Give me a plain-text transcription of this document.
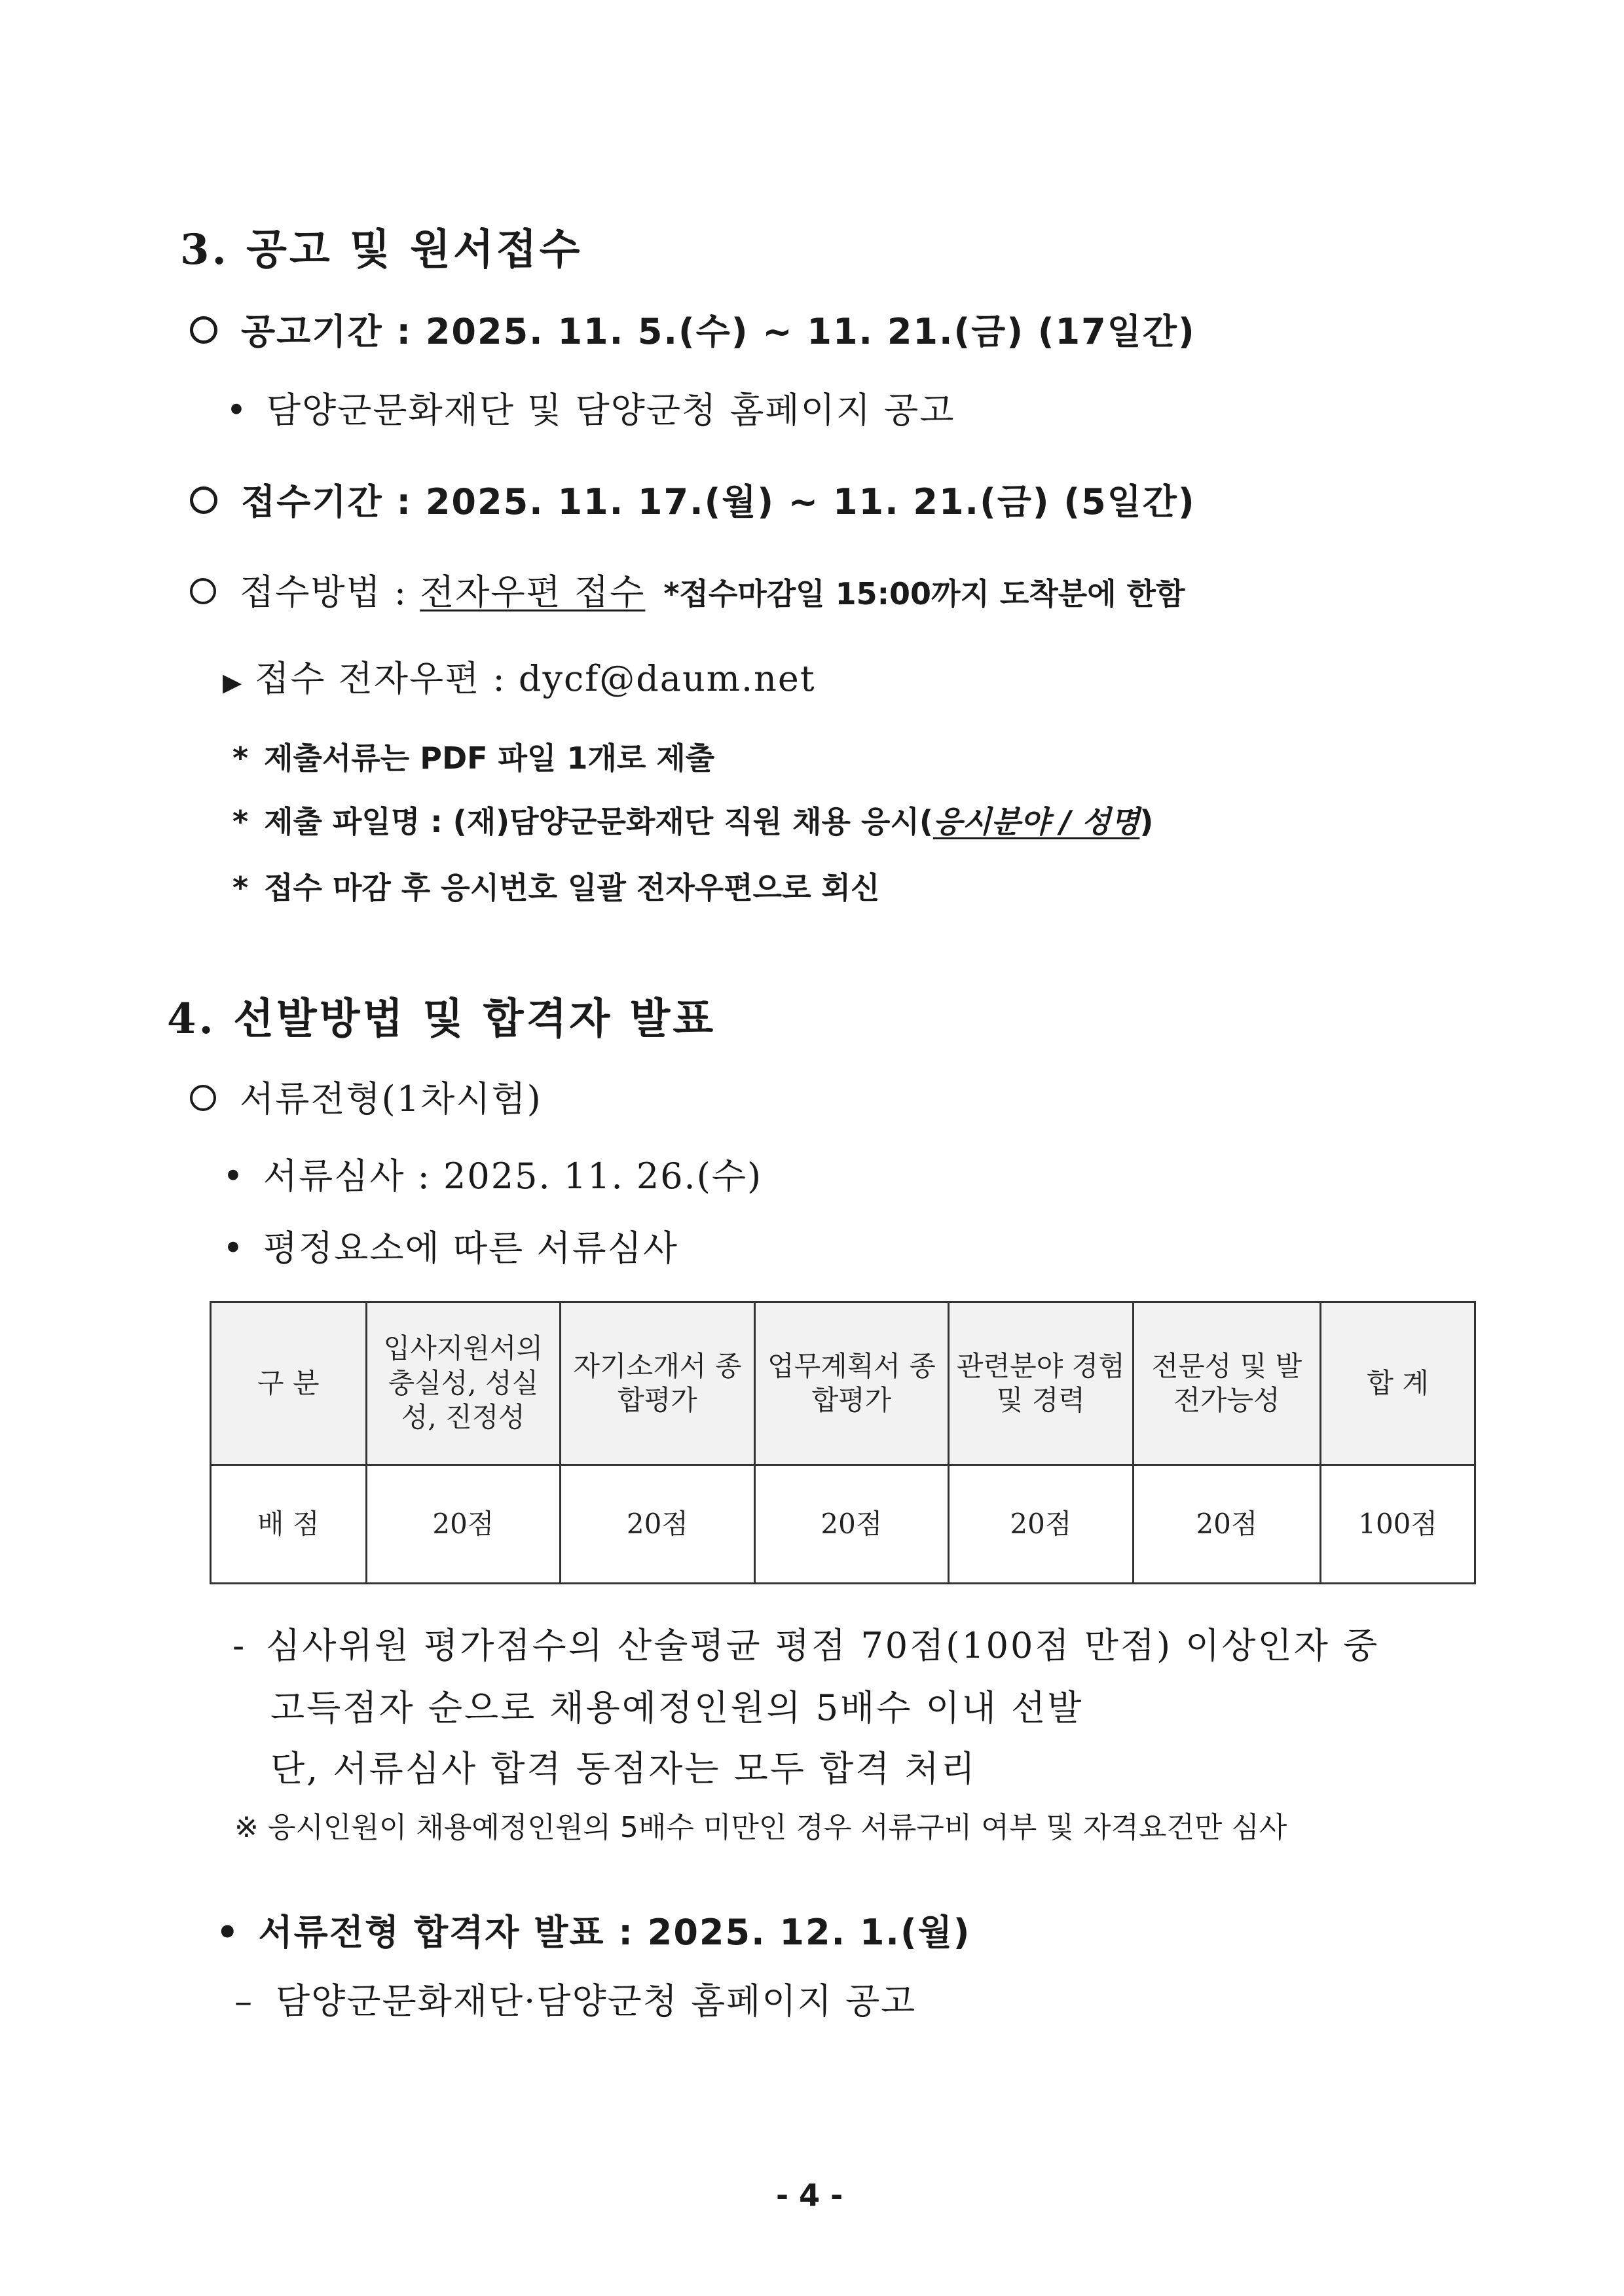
3. 공고 및 원서접수
공고기간 : 2025. 11. 5.(수) ~ 11. 21.(금) (17일간)
• 담양군문화재단 및 담양군청 홈페이지 공고
접수기간 : 2025. 11. 17.(월) ~ 11. 21.(금) (5일간)
접수방법 : 전자우편 접수 *접수마감일 15:00까지 도착분에 한함
▶ 접수 전자우편 : dycf@daum.net
* 제출서류는 PDF 파일 1개로 제출
* 제출 파일명 : (재)담양군문화재단 직원 채용 응시(응시분야 / 성명)
* 접수 마감 후 응시번호 일괄 전자우편으로 회신
4. 선발방법 및 합격자 발표
서류전형(1차시험)
• 서류심사 : 2025. 11. 26.(수)
• 평정요소에 따른 서류심사
구 분	입사지원서의 충실성, 성실성, 진정성	자기소개서 종합평가	업무계획서 종합평가	관련분야 경험 및 경력	전문성 및 발전가능성	합 계
배 점	20점	20점	20점	20점	20점	100점
- 심사위원 평가점수의 산술평균 평점 70점(100점 만점) 이상인자 중
고득점자 순으로 채용예정인원의 5배수 이내 선발
단, 서류심사 합격 동점자는 모두 합격 처리
※ 응시인원이 채용예정인원의 5배수 미만인 경우 서류구비 여부 및 자격요건만 심사
• 서류전형 합격자 발표 : 2025. 12. 1.(월)
– 담양군문화재단·담양군청 홈페이지 공고
- 4 -
